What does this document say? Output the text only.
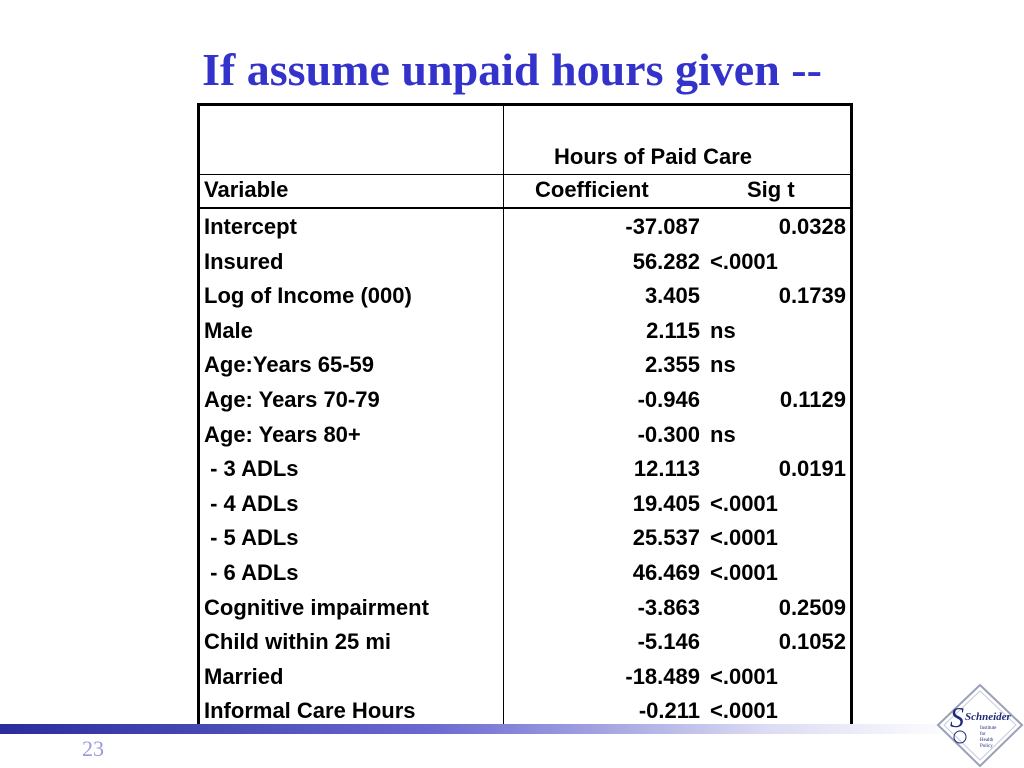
If assume unpaid hours given --
Hours of Paid Care
Variable	Coefficient	Sig t
Intercept	-37.087	0.0328
Insured	56.282 <.0001
Log of Income (000)	3.405	0.1739
Male	2.115 ns
Age:Years 65-59	2.355 ns
Age: Years 70-79	-0.946	0.1129
Age: Years 80+	-0.300 ns
- 3 ADLs	12.113	0.0191
- 4 ADLs	19.405 <.0001
- 5 ADLs	25.537 <.0001
- 6 ADLs	46.469 <.0001
Cognitive impairment	-3.863	0.2509
Child within 25 mi	-5.146	0.1052
Married	-18.489 <.0001
Informal Care Hours	-0.211 <.0001
23
S Schneider
Institute
for
Health
Policy
